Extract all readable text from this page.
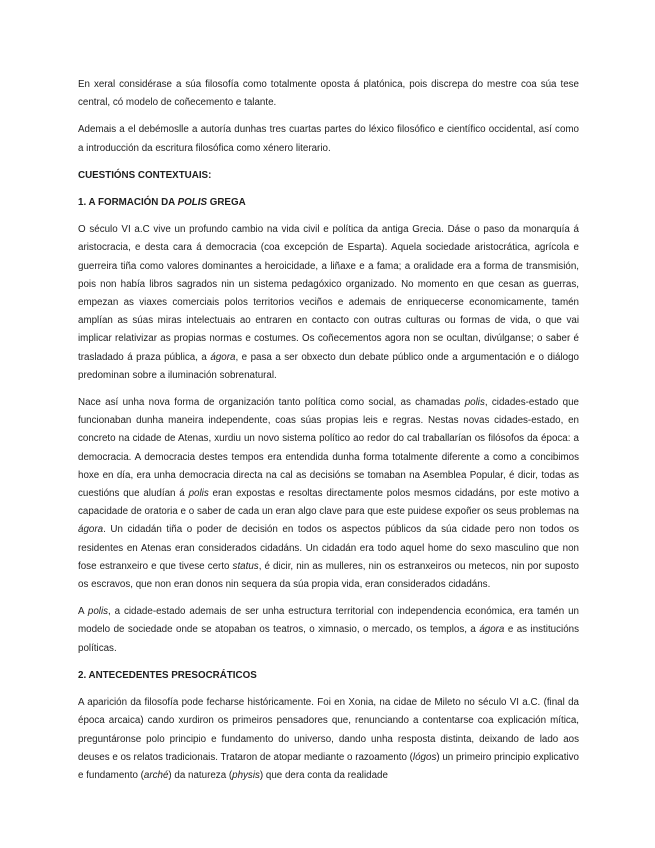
En xeral considérase a súa filosofía como totalmente oposta á platónica, pois discrepa do mestre coa súa tese central, có modelo de coñecemento e talante.

Ademais a el debémoslle a autoría dunhas tres cuartas partes do léxico filosófico e científico occidental, así como a introducción da escritura filosófica como xénero literario.

CUESTIÓNS CONTEXTUAIS:

1. A FORMACIÓN DA POLIS GREGA

O século VI a.C vive un profundo cambio na vida civil e política da antiga Grecia. Dáse o paso da monarquía á aristocracia, e desta cara á democracia (coa excepción de Esparta). Aquela sociedade aristocrática, agrícola e guerreira tiña como valores dominantes a heroicidade, a liñaxe e a fama; a oralidade era a forma de transmisión, pois non había libros sagrados nin un sistema pedagóxico organizado. No momento en que cesan as guerras, empezan as viaxes comerciais polos territorios veciños e ademais de enriquecerse economicamente, tamén amplían as súas miras intelectuais ao entraren en contacto con outras culturas ou formas de vida, o que vai implicar relativizar as propias normas e costumes. Os coñecementos agora non se ocultan, divúlganse; o saber é trasladado á praza pública, a ágora, e pasa a ser obxecto dun debate público onde a argumentación e o diálogo predominan sobre a iluminación sobrenatural.

Nace así unha nova forma de organización tanto política como social, as chamadas polis, cidades-estado que funcionaban dunha maneira independente, coas súas propias leis e regras. Nestas novas cidades-estado, en concreto na cidade de Atenas, xurdiu un novo sistema político ao redor do cal traballarían os filósofos da época: a democracia. A democracia destes tempos era entendida dunha forma totalmente diferente a como a concibimos hoxe en día, era unha democracia directa na cal as decisións se tomaban na Asemblea Popular, é dicir, todas as cuestións que aludían á polis eran expostas e resoltas directamente polos mesmos cidadáns, por este motivo a capacidade de oratoria e o saber de cada un eran algo clave para que este puidese expoñer os seus problemas na ágora. Un cidadán tiña o poder de decisión en todos os aspectos públicos da súa cidade pero non todos os residentes en Atenas eran considerados cidadáns. Un cidadán era todo aquel home do sexo masculino que non fose estranxeiro e que tivese certo status, é dicir, nin as mulleres, nin os estranxeiros ou metecos, nin por suposto os escravos, que non eran donos nin sequera da súa propia vida, eran considerados cidadáns.

A polis, a cidade-estado ademais de ser unha estructura territorial con independencia económica, era tamén un modelo de sociedade onde se atopaban os teatros, o ximnasio, o mercado, os templos, a ágora e as institucións políticas.

2. ANTECEDENTES PRESOCRÁTICOS

A aparición da filosofía pode fecharse históricamente. Foi en Xonia, na cidae de Mileto no século VI a.C. (final da época arcaica) cando xurdiron os primeiros pensadores que, renunciando a contentarse coa explicación mítica, preguntáronse polo principio e fundamento do universo, dando unha resposta distinta, deixando de lado aos deuses e os relatos tradicionais. Trataron de atopar mediante o razoamento (lógos) un primeiro principio explicativo e fundamento (arché) da natureza (physis) que dera conta da realidade
